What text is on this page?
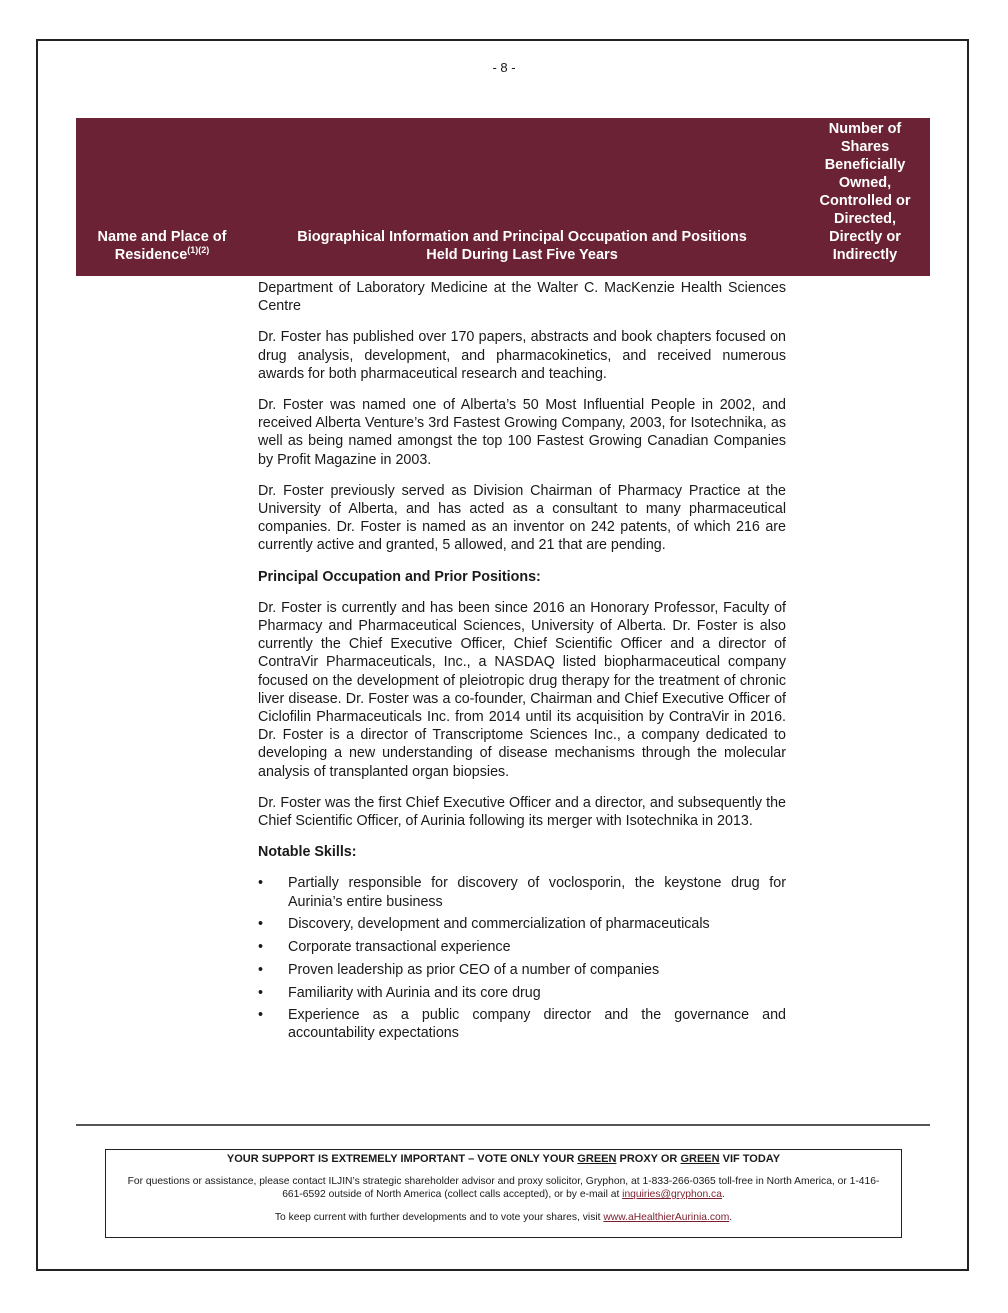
- 8 -
Name and Place of
Residence$^{(1)(2)}$
Biographical Information and Principal Occupation and Positions
Held During Last Five Years
Number of Shares Beneficially Owned, Controlled or Directed, Directly or Indirectly

Department of Laboratory Medicine at the Walter C. MacKenzie Health Sciences Centre

Dr. Foster has published over 170 papers, abstracts and book chapters focused on drug analysis, development, and pharmacokinetics, and received numerous awards for both pharmaceutical research and teaching.

Dr. Foster was named one of Alberta’s 50 Most Influential People in 2002, and received Alberta Venture’s 3rd Fastest Growing Company, 2003, for Isotechnika, as well as being named amongst the top 100 Fastest Growing Canadian Companies by Profit Magazine in 2003.

Dr. Foster previously served as Division Chairman of Pharmacy Practice at the University of Alberta, and has acted as a consultant to many pharmaceutical companies. Dr. Foster is named as an inventor on 242 patents, of which 216 are currently active and granted, 5 allowed, and 21 that are pending.

Principal Occupation and Prior Positions:

Dr. Foster is currently and has been since 2016 an Honorary Professor, Faculty of Pharmacy and Pharmaceutical Sciences, University of Alberta. Dr. Foster is also currently the Chief Executive Officer, Chief Scientific Officer and a director of ContraVir Pharmaceuticals, Inc., a NASDAQ listed biopharmaceutical company focused on the development of pleiotropic drug therapy for the treatment of chronic liver disease. Dr. Foster was a co-founder, Chairman and Chief Executive Officer of Ciclofilin Pharmaceuticals Inc. from 2014 until its acquisition by ContraVir in 2016. Dr. Foster is a director of Transcriptome Sciences Inc., a company dedicated to developing a new understanding of disease mechanisms through the molecular analysis of transplanted organ biopsies.

Dr. Foster was the first Chief Executive Officer and a director, and subsequently the Chief Scientific Officer, of Aurinia following its merger with Isotechnika in 2013.

Notable Skills:
• Partially responsible for discovery of voclosporin, the keystone drug for Aurinia’s entire business
• Discovery, development and commercialization of pharmaceuticals
• Corporate transactional experience
• Proven leadership as prior CEO of a number of companies
• Familiarity with Aurinia and its core drug
• Experience as a public company director and the governance and accountability expectations
YOUR SUPPORT IS EXTREMELY IMPORTANT – VOTE ONLY YOUR GREEN PROXY OR GREEN VIF TODAY
For questions or assistance, please contact ILJIN’s strategic shareholder advisor and proxy solicitor, Gryphon, at 1-833-266-0365 toll-free in North America, or 1-416-661-6592 outside of North America (collect calls accepted), or by e-mail at inquiries@gryphon.ca.
To keep current with further developments and to vote your shares, visit www.aHealthierAurinia.com.
